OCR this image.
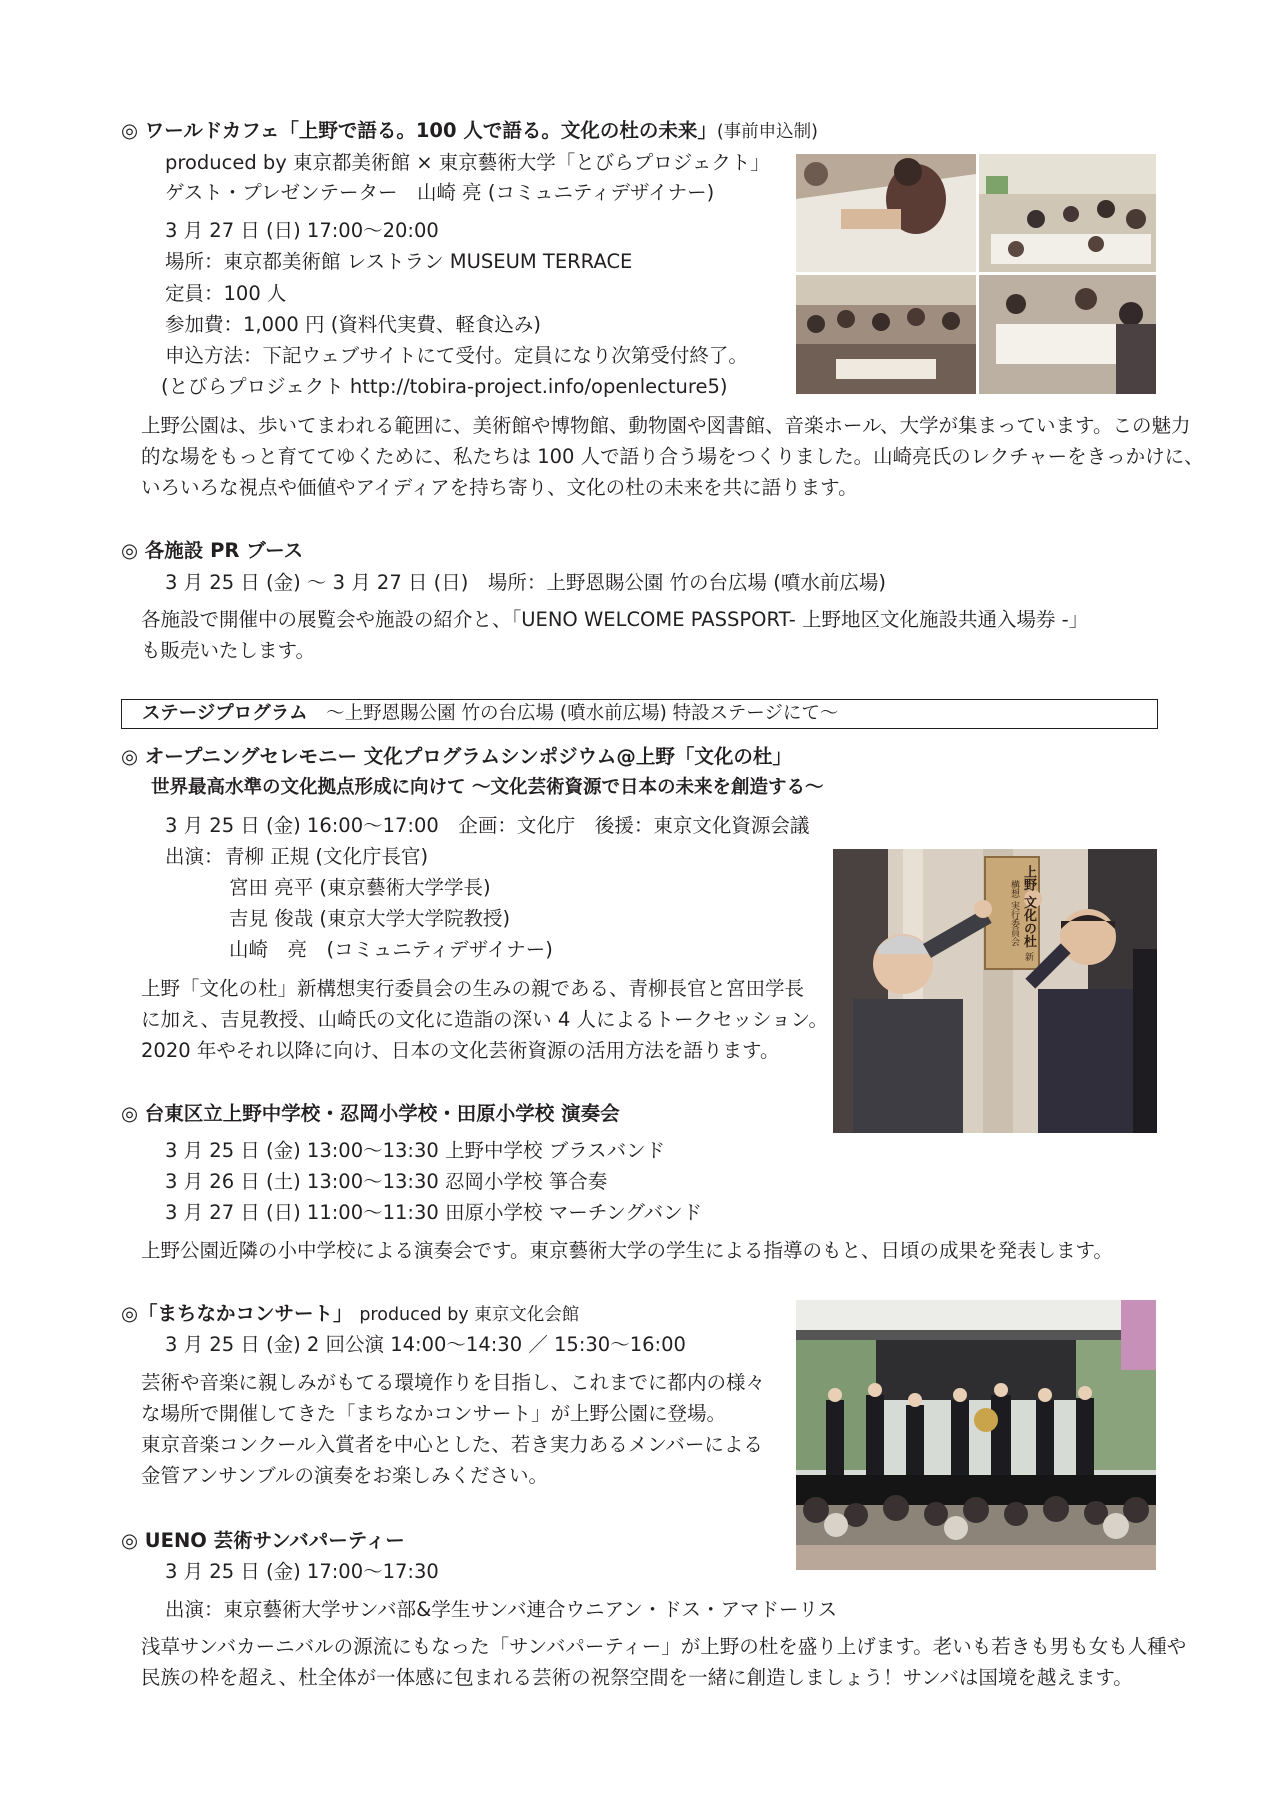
◎ ワールドカフェ「上野で語る。100 人で語る。文化の杜の未来」(事前申込制)
produced by 東京都美術館 × 東京藝術大学「とびらプロジェクト」
ゲスト・プレゼンテーター　山崎 亮 (コミュニティデザイナー)
3 月 27 日 (日) 17:00〜20:00
場所：東京都美術館 レストラン MUSEUM TERRACE
定員：100 人
参加費：1,000 円 (資料代実費、軽食込み)
申込方法：下記ウェブサイトにて受付。定員になり次第受付終了。
(とびらプロジェクト http://tobira-project.info/openlecture5)
上野公園は、歩いてまわれる範囲に、美術館や博物館、動物園や図書館、音楽ホール、大学が集まっています。この魅力
的な場をもっと育ててゆくために、私たちは 100 人で語り合う場をつくりました。山崎亮氏のレクチャーをきっかけに、
いろいろな視点や価値やアイディアを持ち寄り、文化の杜の未来を共に語ります。
◎ 各施設 PR ブース
3 月 25 日 (金) 〜 3 月 27 日 (日)　場所：上野恩賜公園 竹の台広場 (噴水前広場)
各施設で開催中の展覧会や施設の紹介と、「UENO WELCOME PASSPORT- 上野地区文化施設共通入場券 -」
も販売いたします。
ステージプログラム　 〜上野恩賜公園 竹の台広場 (噴水前広場) 特設ステージにて〜
◎ オープニングセレモニー 文化プログラムシンポジウム@上野「文化の杜」
世界最高水準の文化拠点形成に向けて 〜文化芸術資源で日本の未来を創造する〜
3 月 25 日 (金) 16:00〜17:00　企画：文化庁　後援：東京文化資源会議
出演： 青柳 正規 (文化庁長官)
宮田 亮平 (東京藝術大学学長)
吉見 俊哉 (東京大学大学院教授)
山崎　亮　(コミュニティデザイナー)
上野「文化の杜」新構想実行委員会の生みの親である、青柳長官と宮田学長
に加え、吉見教授、山崎氏の文化に造詣の深い 4 人によるトークセッション。
2020 年やそれ以降に向け、日本の文化芸術資源の活用方法を語ります。
上野 文化の杜 新構想 実行委員会
◎ 台東区立上野中学校・忍岡小学校・田原小学校 演奏会
3 月 25 日 (金) 13:00〜13:30 上野中学校 ブラスバンド
3 月 26 日 (土) 13:00〜13:30 忍岡小学校 箏合奏
3 月 27 日 (日) 11:00〜11:30 田原小学校 マーチングバンド
上野公園近隣の小中学校による演奏会です。東京藝術大学の学生による指導のもと、日頃の成果を発表します。
◎「まちなかコンサート」 produced by 東京文化会館
3 月 25 日 (金) 2 回公演 14:00〜14:30 ／ 15:30〜16:00
芸術や音楽に親しみがもてる環境作りを目指し、これまでに都内の様々
な場所で開催してきた「まちなかコンサート」が上野公園に登場。
東京音楽コンクール入賞者を中心とした、若き実力あるメンバーによる
金管アンサンブルの演奏をお楽しみください。
◎ UENO 芸術サンバパーティー
3 月 25 日 (金) 17:00〜17:30
出演：東京藝術大学サンバ部&学生サンバ連合ウニアン・ドス・アマドーリス
浅草サンバカーニバルの源流にもなった「サンバパーティー」が上野の杜を盛り上げます。老いも若きも男も女も人種や
民族の枠を超え、杜全体が一体感に包まれる芸術の祝祭空間を一緒に創造しましょう！サンバは国境を越えます。
